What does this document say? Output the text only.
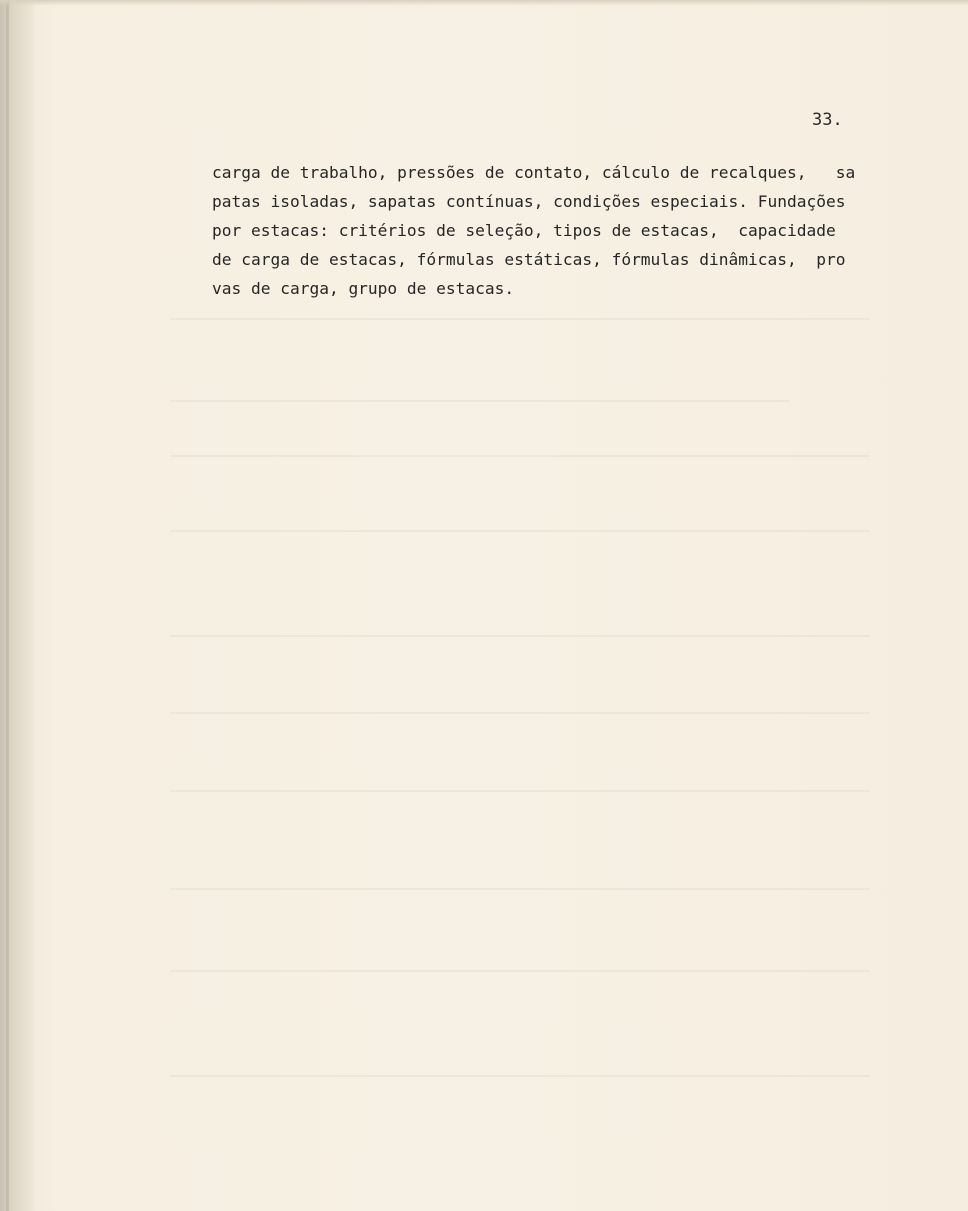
33.

carga de trabalho, pressões de contato, cálculo de recalques,   sa
patas isoladas, sapatas contínuas, condições especiais. Fundações
por estacas: critérios de seleção, tipos de estacas,  capacidade
de carga de estacas, fórmulas estáticas, fórmulas dinâmicas,  pro
vas de carga, grupo de estacas.
